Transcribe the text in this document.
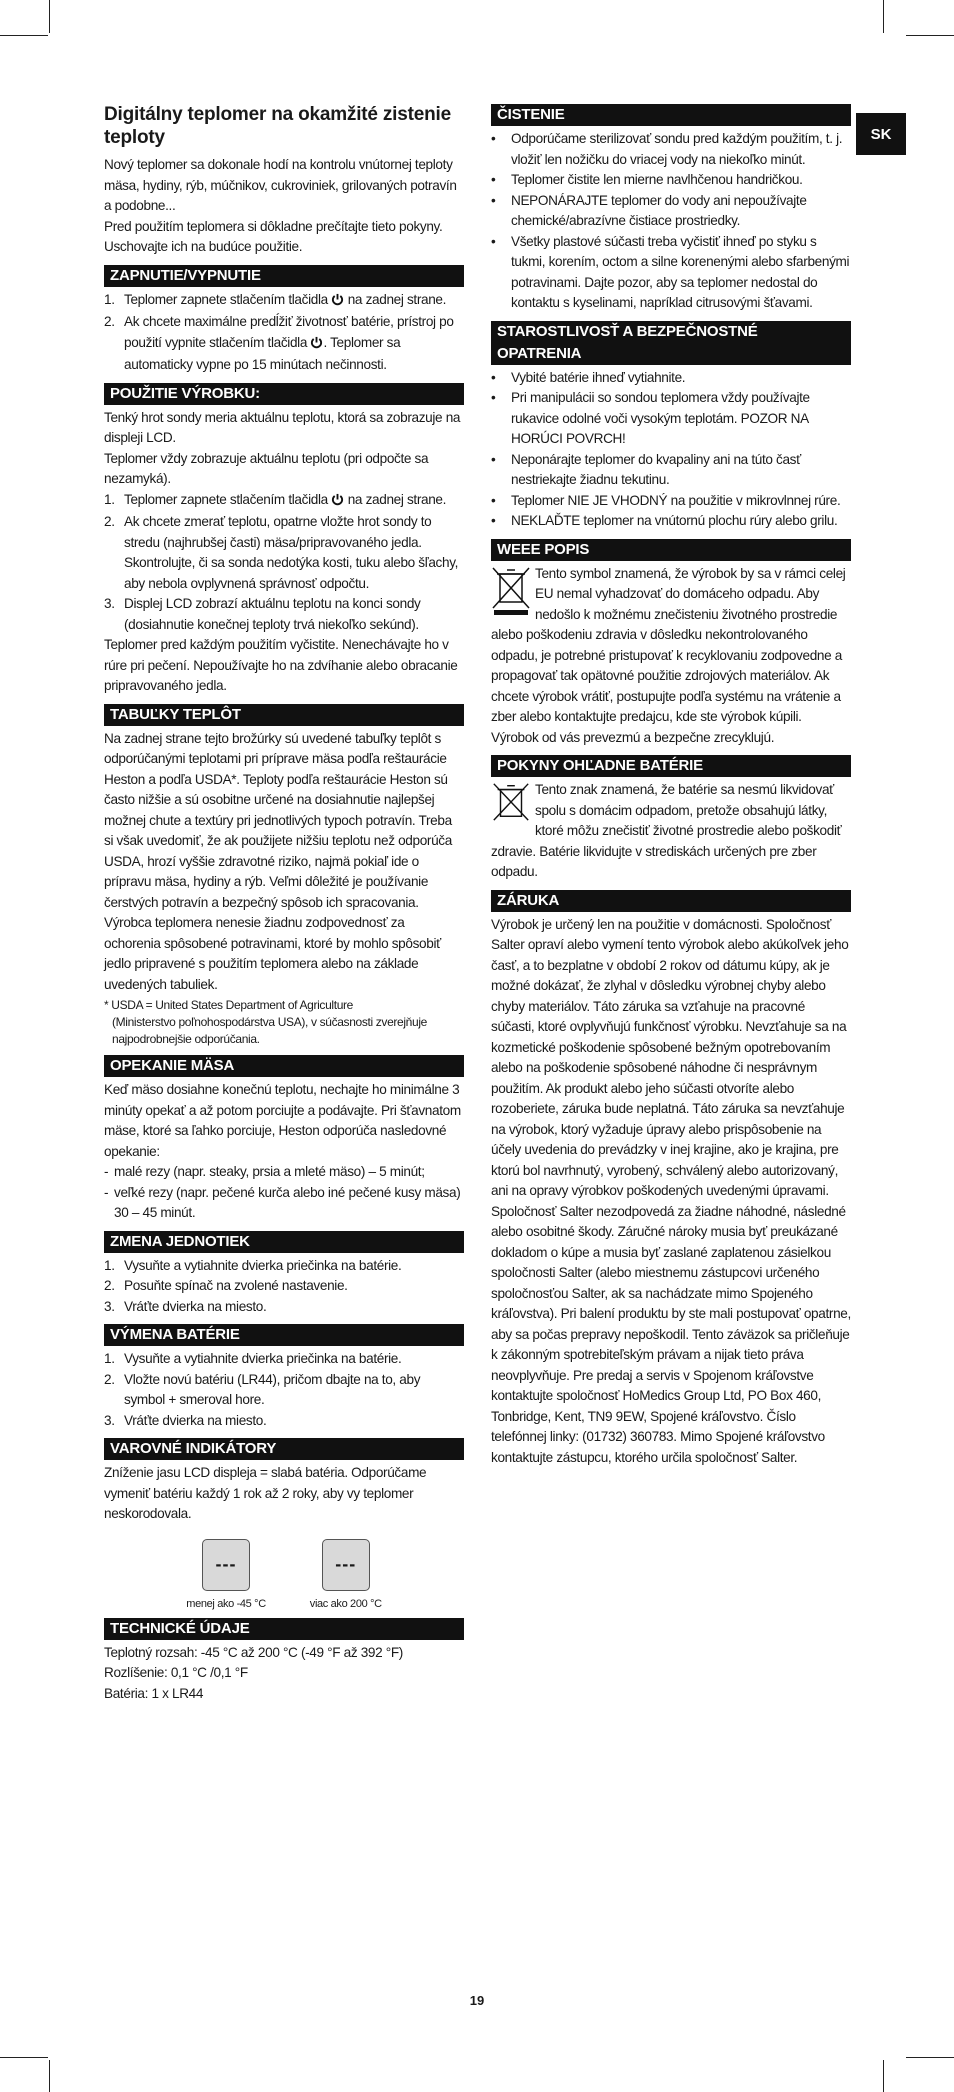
SK
Digitálny teplomer na okamžité zistenie teploty

Nový teplomer sa dokonale hodí na kontrolu vnútornej teploty mäsa, hydiny, rýb, múčnikov, cukroviniek, grilovaných potravín a podobne...

Pred použitím teplomera si dôkladne prečítajte tieto pokyny. Uschovajte ich na budúce použitie.

ZAPNUTIE/VYPNUTIE
1. Teplomer zapnete stlačením tlačidla  na zadnej strane.
2. Ak chcete maximálne predĺžiť životnosť batérie, prístroj po použití vypnite stlačením tlačidla . Teplomer sa automaticky vypne po 15 minútach nečinnosti.
POUŽITIE VÝROBKU:

Tenký hrot sondy meria aktuálnu teplotu, ktorá sa zobrazuje na displeji LCD.

Teplomer vždy zobrazuje aktuálnu teplotu (pri odpočte sa nezamyká).

1. Teplomer zapnete stlačením tlačidla  na zadnej strane.
2. Ak chcete zmerať teplotu, opatrne vložte hrot sondy to stredu (najhrubšej časti) mäsa/pripravovaného jedla.
Skontrolujte, či sa sonda nedotýka kosti, tuku alebo šľachy, aby nebola ovplyvnená správnosť odpočtu.
3. Displej LCD zobrazí aktuálnu teplotu na konci sondy (dosiahnutie konečnej teploty trvá niekoľko sekúnd).

Teplomer pred každým použitím vyčistite. Nenechávajte ho v rúre pri pečení. Nepoužívajte ho na zdvíhanie alebo obracanie pripravovaného jedla.

TABUĽKY TEPLÔT

Na zadnej strane tejto brožúrky sú uvedené tabuľky teplôt s odporúčanými teplotami pri príprave mäsa podľa reštaurácie Heston a podľa USDA*. Teploty podľa reštaurácie Heston sú často nižšie a sú osobitne určené na dosiahnutie najlepšej možnej chute a textúry pri jednotlivých typoch potravín. Treba si však uvedomiť, že ak použijete nižšiu teplotu než odporúča USDA, hrozí vyššie zdravotné riziko, najmä pokiaľ ide o prípravu mäsa, hydiny a rýb. Veľmi dôležité je používanie čerstvých potravín a bezpečný spôsob ich spracovania. Výrobca teplomera nenesie žiadnu zodpovednosť za ochorenia spôsobené potravinami, ktoré by mohlo spôsobiť jedlo pripravené s použitím teplomera alebo na základe uvedených tabuliek.

* USDA = United States Department of Agriculture
(Ministerstvo poľnohospodárstva USA), v súčasnosti zverejňuje najpodrobnejšie odporúčania.
OPEKANIE MÄSA

Keď mäso dosiahne konečnú teplotu, nechajte ho minimálne 3 minúty opekať a až potom porciujte a podávajte. Pri šťavnatom mäse, ktoré sa ľahko porciuje, Heston odporúča nasledovné opekanie:

- malé rezy (napr. steaky, prsia a mleté mäso) – 5 minút;
- veľké rezy (napr. pečené kurča alebo iné pečené kusy mäsa) 30 – 45 minút.
ZMENA JEDNOTIEK
1. Vysuňte a vytiahnite dvierka priečinka na batérie.
2. Posuňte spínač na zvolené nastavenie.
3. Vráťte dvierka na miesto.
VÝMENA BATÉRIE
1. Vysuňte a vytiahnite dvierka priečinka na batérie.
2. Vložte novú batériu (LR44), pričom dbajte na to, aby symbol + smeroval hore.
3. Vráťte dvierka na miesto.
VAROVNÉ INDIKÁTORY

Zníženie jasu LCD displeja = slabá batéria. Odporúčame vymeniť batériu každý 1 rok až 2 roky, aby vy teplomer neskorodovala.

---
menej ako -45 °C
---
viac ako 200 °C
TECHNICKÉ ÚDAJE

Teplotný rozsah: -45 °C až 200 °C (-49 °F až 392 °F)

Rozlíšenie: 0,1 °C /0,1 °F

Batéria: 1 x LR44

ČISTENIE
• Odporúčame sterilizovať sondu pred každým použitím, t. j. vložiť len nožičku do vriacej vody na niekoľko minút.
• Teplomer čistite len mierne navlhčenou handričkou.
• NEPONÁRAJTE teplomer do vody ani nepoužívajte chemické/abrazívne čistiace prostriedky.
• Všetky plastové súčasti treba vyčistiť ihneď po styku s tukmi, korením, octom a silne korenenými alebo sfarbenými potravinami. Dajte pozor, aby sa teplomer nedostal do kontaktu s kyselinami, napríklad citrusovými šťavami.
STAROSTLIVOSŤ A BEZPEČNOSTNÉ OPATRENIA
• Vybité batérie ihneď vytiahnite.
• Pri manipulácii so sondou teplomera vždy používajte rukavice odolné voči vysokým teplotám. POZOR NA HORÚCI POVRCH!
• Neponárajte teplomer do kvapaliny ani na túto časť nestriekajte žiadnu tekutinu.
• Teplomer NIE JE VHODNÝ na použitie v mikrovlnnej rúre.
• NEKLAĎTE teplomer na vnútornú plochu rúry alebo grilu.
WEEE POPIS
Tento symbol znamená, že výrobok by sa v rámci celej EU nemal vyhadzovať do domáceho odpadu. Aby nedošlo k možnému znečisteniu životného prostredie alebo poškodeniu zdravia v dôsledku nekontrolovaného odpadu, je potrebné pristupovať k recyklovaniu zodpovedne a propagovať tak opätovné použitie zdrojových materiálov. Ak chcete výrobok vrátiť, postupujte podľa systému na vrátenie a zber alebo kontaktujte predajcu, kde ste výrobok kúpili. Výrobok od vás prevezmú a bezpečne zrecyklujú.
POKYNY OHĽADNE BATÉRIE
Tento znak znamená, že batérie sa nesmú likvidovať spolu s domácim odpadom, pretože obsahujú látky, ktoré môžu znečistiť životné prostredie alebo poškodiť zdravie. Batérie likvidujte v strediskách určených pre zber odpadu.
ZÁRUKA

Výrobok je určený len na použitie v domácnosti. Spoločnosť Salter opraví alebo vymení tento výrobok alebo akúkoľvek jeho časť, a to bezplatne v období 2 rokov od dátumu kúpy, ak je možné dokázať, že zlyhal v dôsledku výrobnej chyby alebo chyby materiálov. Táto záruka sa vzťahuje na pracovné súčasti, ktoré ovplyvňujú funkčnosť výrobku. Nevzťahuje sa na kozmetické poškodenie spôsobené bežným opotrebovaním alebo na poškodenie spôsobené náhodne či nesprávnym použitím. Ak produkt alebo jeho súčasti otvoríte alebo rozoberiete, záruka bude neplatná. Táto záruka sa nevzťahuje na výrobok, ktorý vyžaduje úpravy alebo prispôsobenie na účely uvedenia do prevádzky v inej krajine, ako je krajina, pre ktorú bol navrhnutý, vyrobený, schválený alebo autorizovaný, ani na opravy výrobkov poškodených uvedenými úpravami. Spoločnosť Salter nezodpovedá za žiadne náhodné, následné alebo osobitné škody. Záručné nároky musia byť preukázané dokladom o kúpe a musia byť zaslané zaplatenou zásielkou spoločnosti Salter (alebo miestnemu zástupcovi určeného spoločnosťou Salter, ak sa nachádzate mimo Spojeného kráľovstva). Pri balení produktu by ste mali postupovať opatrne, aby sa počas prepravy nepoškodil. Tento záväzok sa pričleňuje k zákonným spotrebiteľským právam a nijak tieto práva neovplyvňuje. Pre predaj a servis v Spojenom kráľovstve kontaktujte spoločnosť HoMedics Group Ltd, PO Box 460, Tonbridge, Kent, TN9 9EW, Spojené kráľovstvo. Číslo telefónnej linky: (01732) 360783. Mimo Spojené kráľovstvo kontaktujte zástupcu, ktorého určila spoločnosť Salter.

19
